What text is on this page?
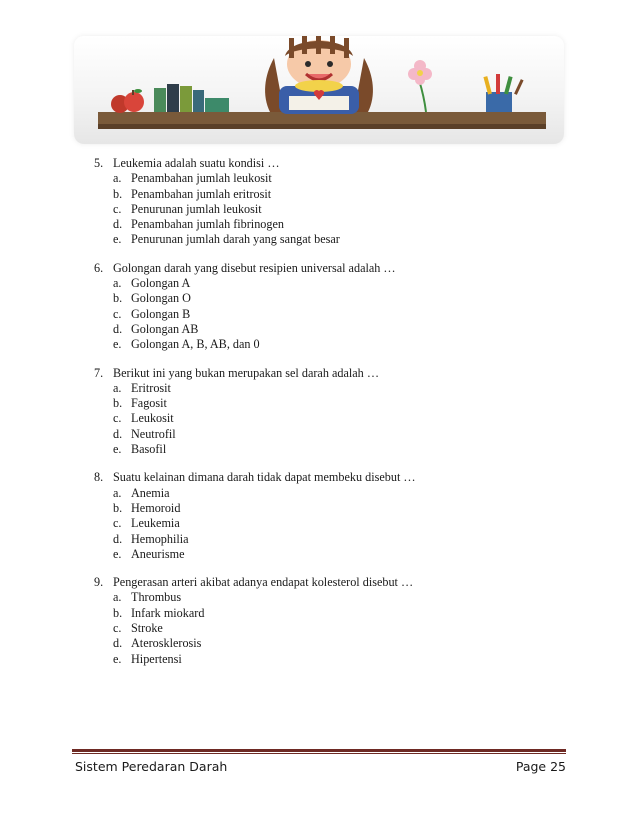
5. Leukemia adalah suatu kondisi …
a. Penambahan jumlah leukosit
b. Penambahan jumlah eritrosit
c. Penurunan jumlah leukosit
d. Penambahan jumlah fibrinogen
e. Penurunan jumlah darah yang sangat besar
6. Golongan darah yang disebut resipien universal adalah …
a. Golongan A
b. Golongan O
c. Golongan B
d. Golongan AB
e. Golongan A, B, AB, dan 0
7. Berikut ini yang bukan merupakan sel darah adalah …
a. Eritrosit
b. Fagosit
c. Leukosit
d. Neutrofil
e. Basofil
8. Suatu kelainan dimana darah tidak dapat membeku disebut …
a. Anemia
b. Hemoroid
c. Leukemia
d. Hemophilia
e. Aneurisme
9. Pengerasan arteri akibat adanya endapat kolesterol disebut …
a. Thrombus
b. Infark miokard
c. Stroke
d. Aterosklerosis
e. Hipertensi
Sistem Peredaran Darah	Page 25
